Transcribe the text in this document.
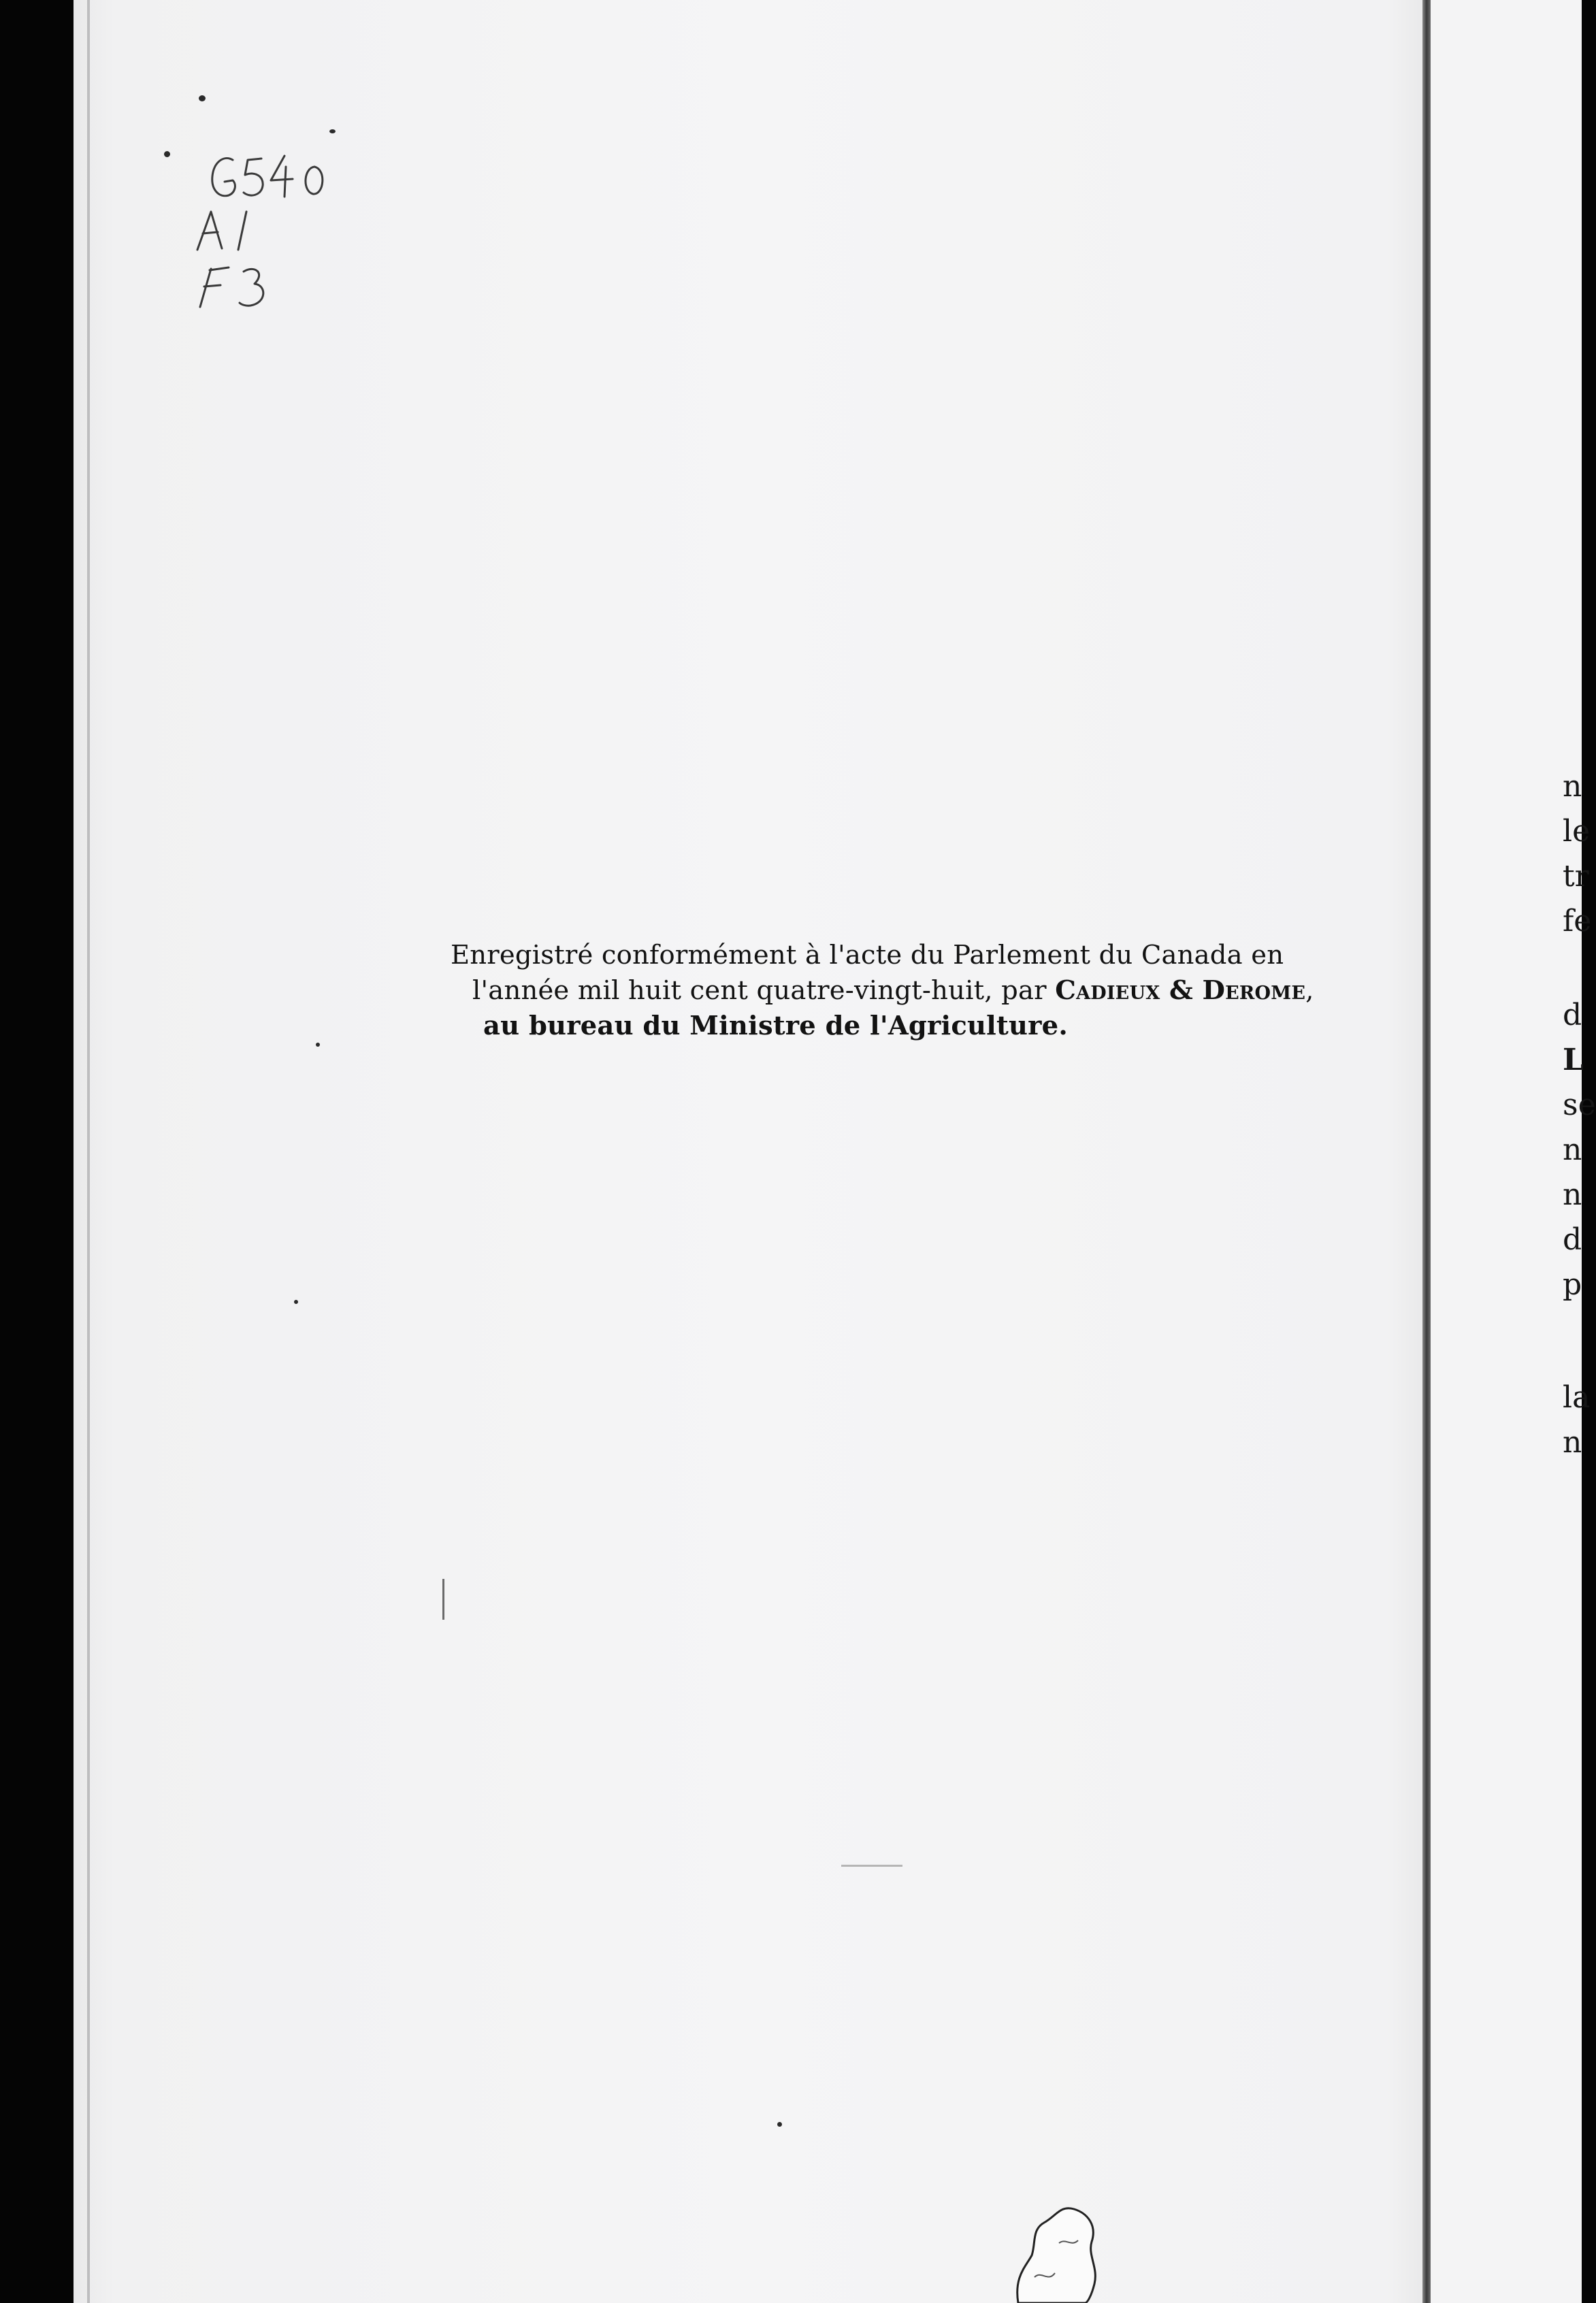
Enregistré conformément à l'acte du Parlement du Canada en
l'année mil huit cent quatre-vingt-huit, par Cadieux & Derome,
au bureau du Ministre de l'Agriculture.
n
le
tr
fe
d
L
se
n
n
d
p
la
n
